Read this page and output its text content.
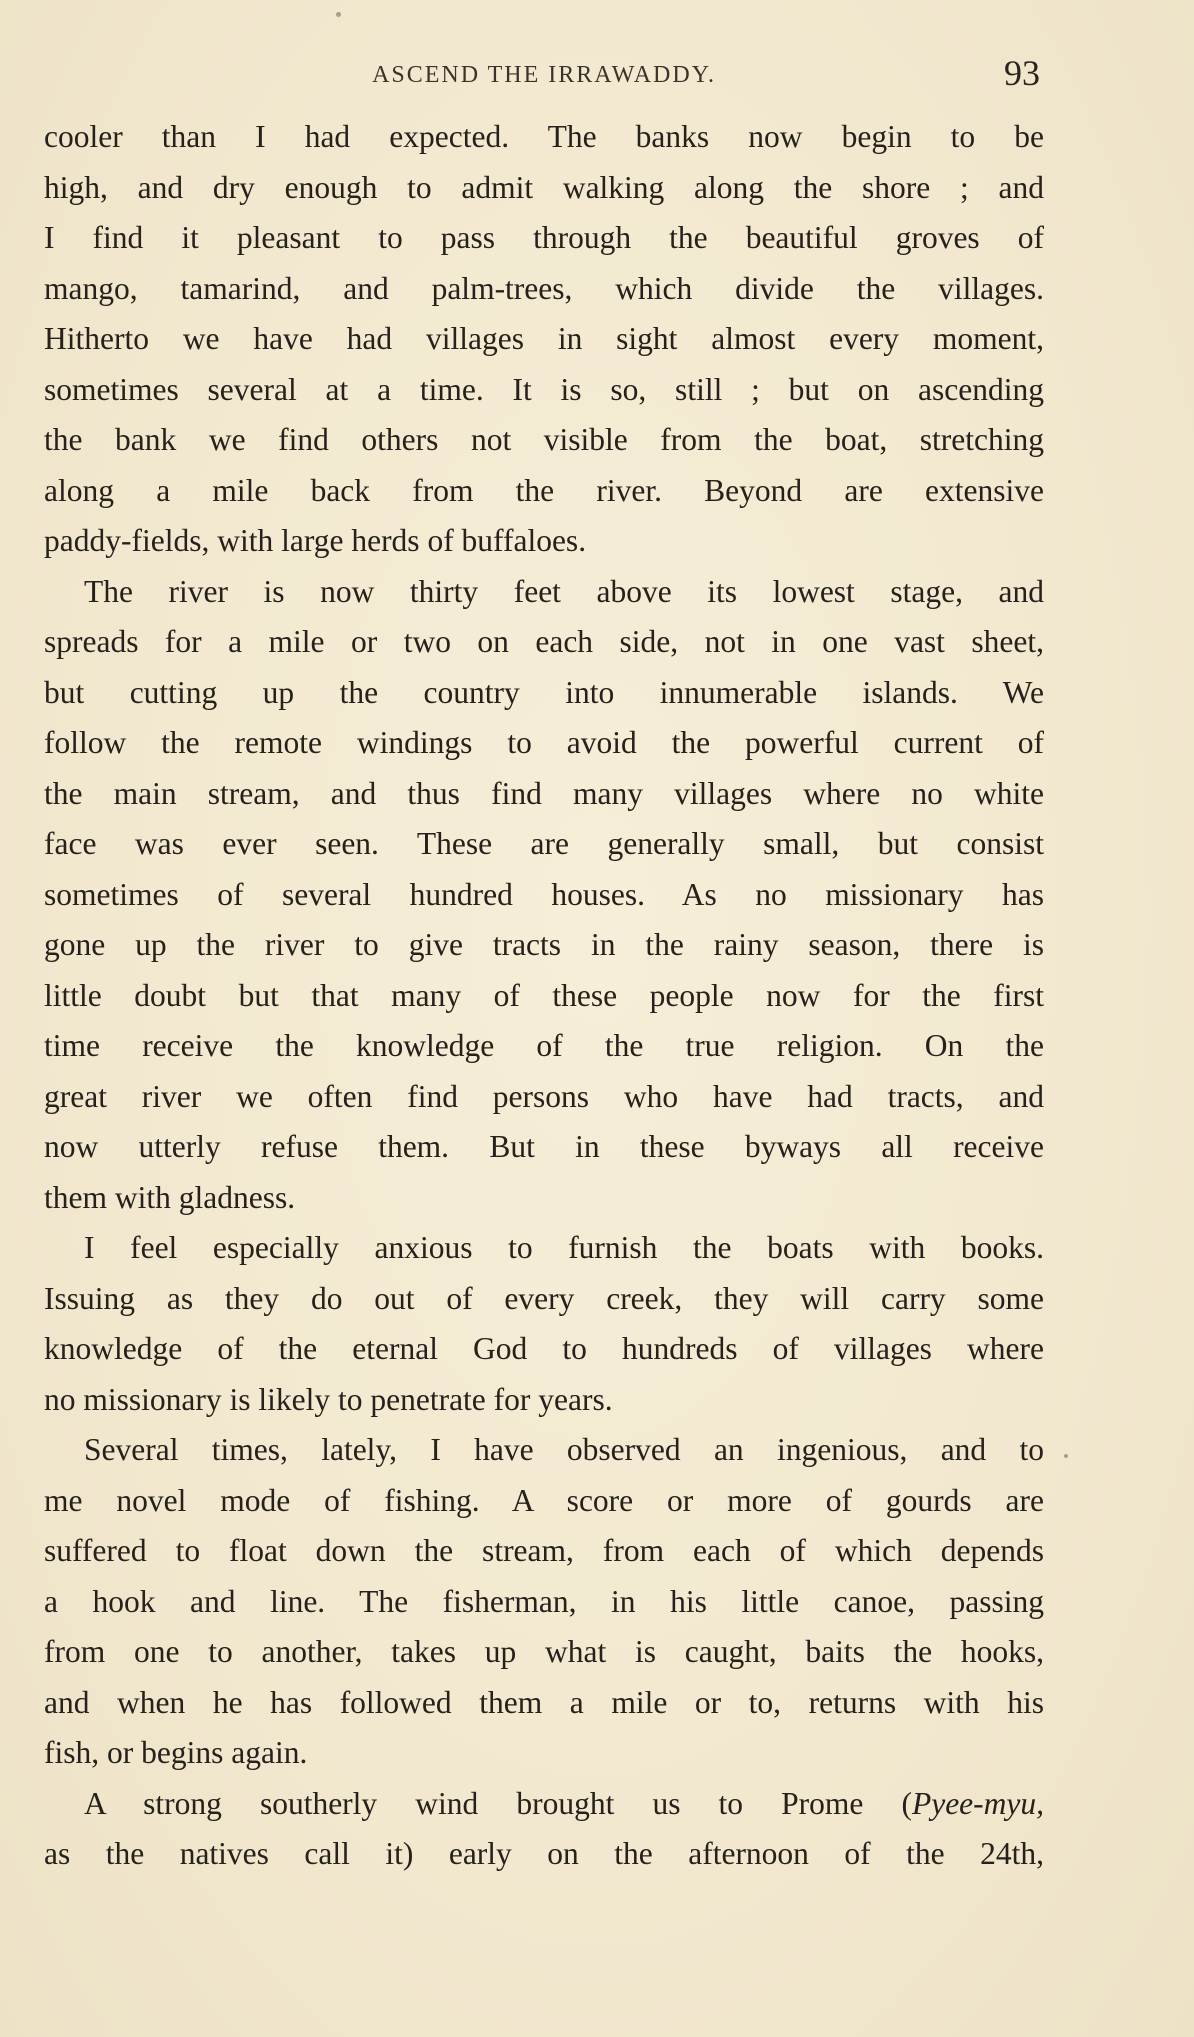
ASCEND THE IRRAWADDY.	93
cooler than I had expected. The banks now begin to be
high, and dry enough to admit walking along the shore ; and
I find it pleasant to pass through the beautiful groves of
mango, tamarind, and palm-trees, which divide the villages.
Hitherto we have had villages in sight almost every moment,
sometimes several at a time. It is so, still ; but on ascending
the bank we find others not visible from the boat, stretching
along a mile back from the river. Beyond are extensive
paddy-fields, with large herds of buffaloes.
The river is now thirty feet above its lowest stage, and
spreads for a mile or two on each side, not in one vast sheet,
but cutting up the country into innumerable islands. We
follow the remote windings to avoid the powerful current of
the main stream, and thus find many villages where no white
face was ever seen. These are generally small, but consist
sometimes of several hundred houses. As no missionary has
gone up the river to give tracts in the rainy season, there is
little doubt but that many of these people now for the first
time receive the knowledge of the true religion. On the
great river we often find persons who have had tracts, and
now utterly refuse them. But in these byways all receive
them with gladness.
I feel especially anxious to furnish the boats with books.
Issuing as they do out of every creek, they will carry some
knowledge of the eternal God to hundreds of villages where
no missionary is likely to penetrate for years.
Several times, lately, I have observed an ingenious, and to
me novel mode of fishing. A score or more of gourds are
suffered to float down the stream, from each of which depends
a hook and line. The fisherman, in his little canoe, passing
from one to another, takes up what is caught, baits the hooks,
and when he has followed them a mile or to, returns with his
fish, or begins again.
A strong southerly wind brought us to Prome (Pyee-myu,
as the natives call it) early on the afternoon of the 24th,
